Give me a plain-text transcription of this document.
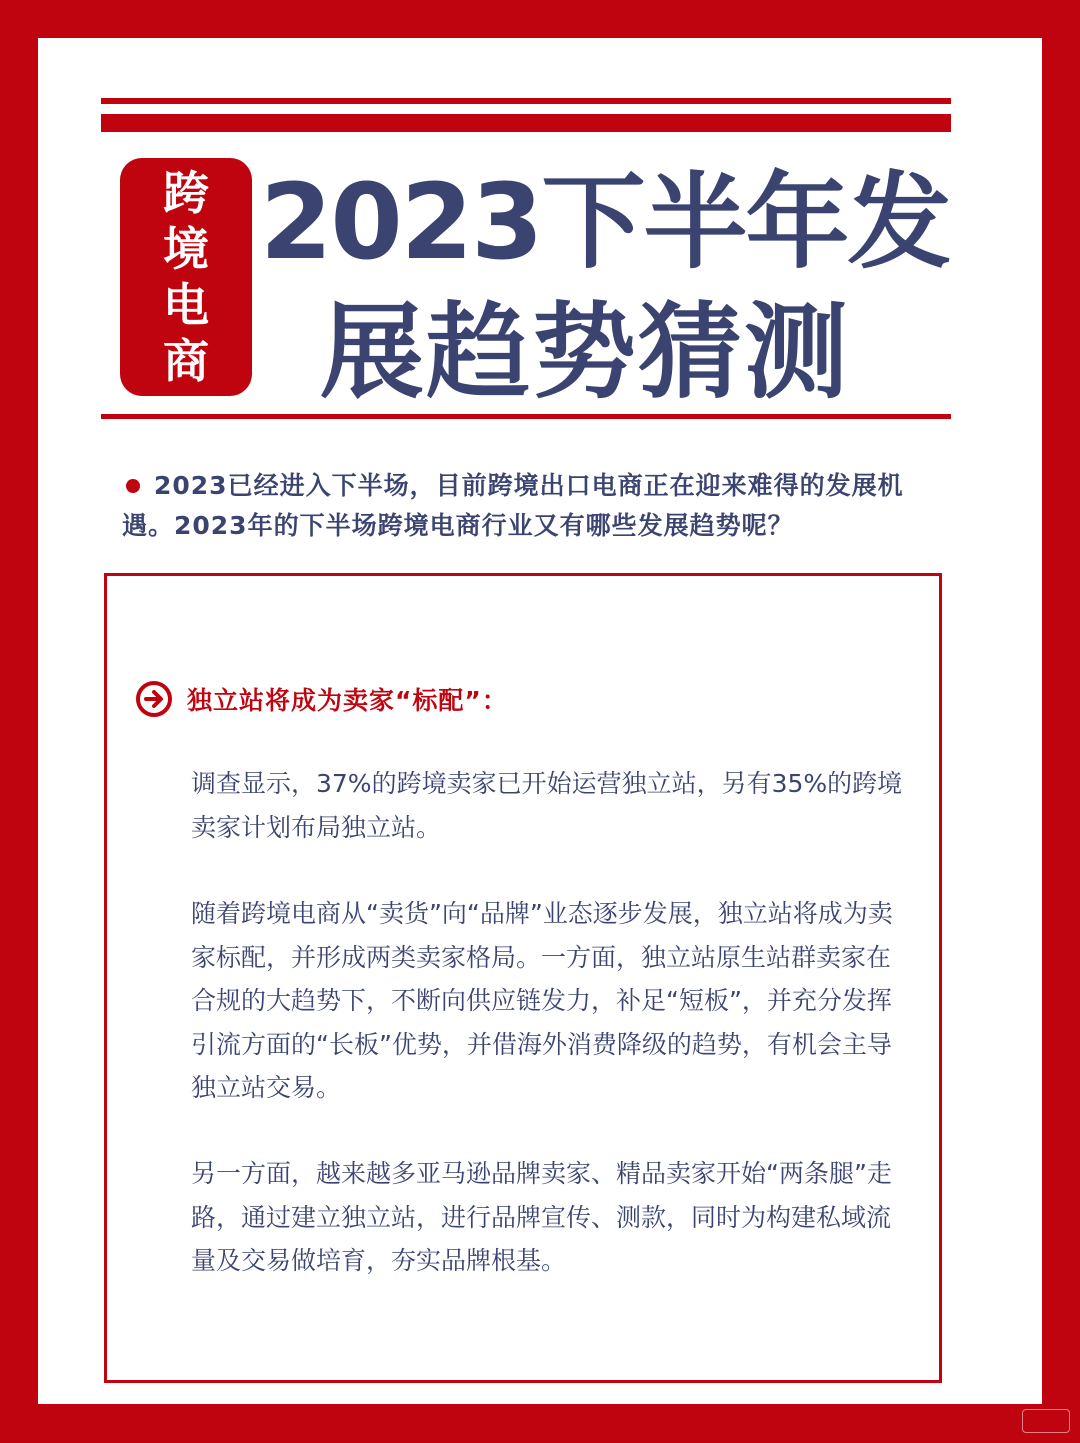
跨
境
电
商
2023下半年发
展趋势猜测
2023已经进入下半场，目前跨境出口电商正在迎来难得的发展机遇。2023年的下半场跨境电商行业又有哪些发展趋势呢？
独立站将成为卖家“标配”：

调查显示，37%的跨境卖家已开始运营独立站，另有35%的跨境卖家计划布局独立站。

随着跨境电商从“卖货”向“品牌”业态逐步发展，独立站将成为卖家标配，并形成两类卖家格局。一方面，独立站原生站群卖家在合规的大趋势下，不断向供应链发力，补足“短板”，并充分发挥引流方面的“长板”优势，并借海外消费降级的趋势，有机会主导独立站交易。

另一方面，越来越多亚马逊品牌卖家、精品卖家开始“两条腿”走路，通过建立独立站，进行品牌宣传、测款，同时为构建私域流量及交易做培育，夯实品牌根基。
